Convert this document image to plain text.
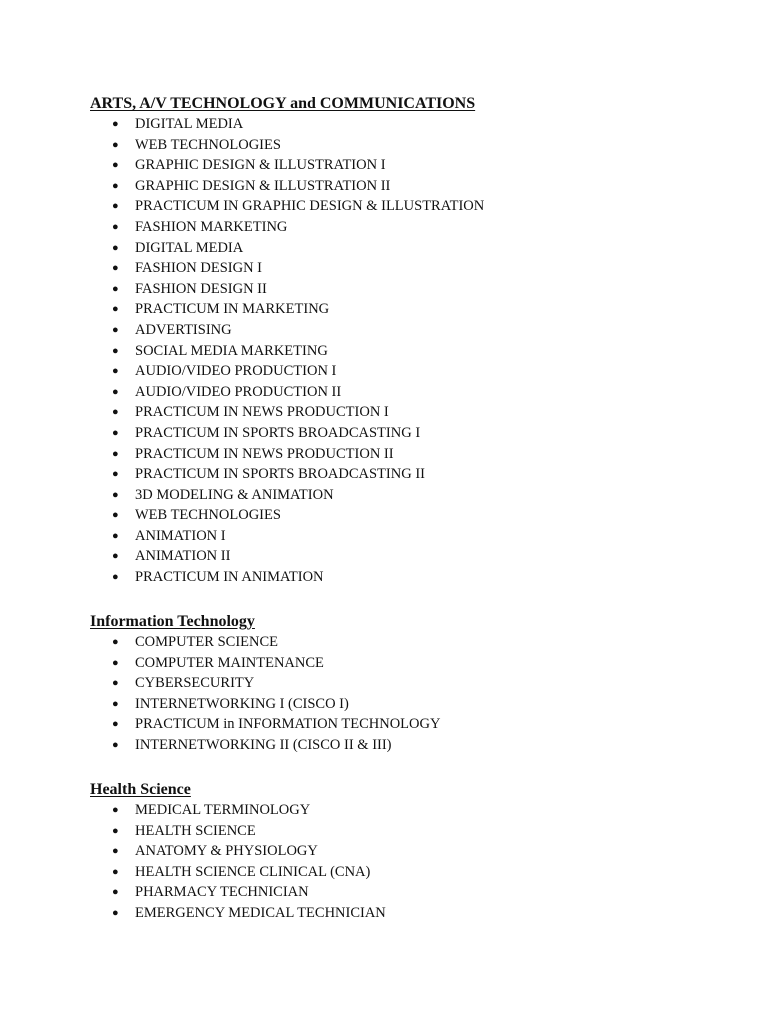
ARTS, A/V TECHNOLOGY and COMMUNICATIONS
● DIGITAL MEDIA
● WEB TECHNOLOGIES
● GRAPHIC DESIGN & ILLUSTRATION I
● GRAPHIC DESIGN & ILLUSTRATION II
● PRACTICUM IN GRAPHIC DESIGN & ILLUSTRATION
● FASHION MARKETING
● DIGITAL MEDIA
● FASHION DESIGN I
● FASHION DESIGN II
● PRACTICUM IN MARKETING
● ADVERTISING
● SOCIAL MEDIA MARKETING
● AUDIO/VIDEO PRODUCTION I
● AUDIO/VIDEO PRODUCTION II
● PRACTICUM IN NEWS PRODUCTION I
● PRACTICUM IN SPORTS BROADCASTING I
● PRACTICUM IN NEWS PRODUCTION II
● PRACTICUM IN SPORTS BROADCASTING II
● 3D MODELING & ANIMATION
● WEB TECHNOLOGIES
● ANIMATION I
● ANIMATION II
● PRACTICUM IN ANIMATION
Information Technology
● COMPUTER SCIENCE
● COMPUTER MAINTENANCE
● CYBERSECURITY
● INTERNETWORKING I (CISCO I)
● PRACTICUM in INFORMATION TECHNOLOGY
● INTERNETWORKING II (CISCO II & III)
Health Science
● MEDICAL TERMINOLOGY
● HEALTH SCIENCE
● ANATOMY & PHYSIOLOGY
● HEALTH SCIENCE CLINICAL (CNA)
● PHARMACY TECHNICIAN
● EMERGENCY MEDICAL TECHNICIAN
